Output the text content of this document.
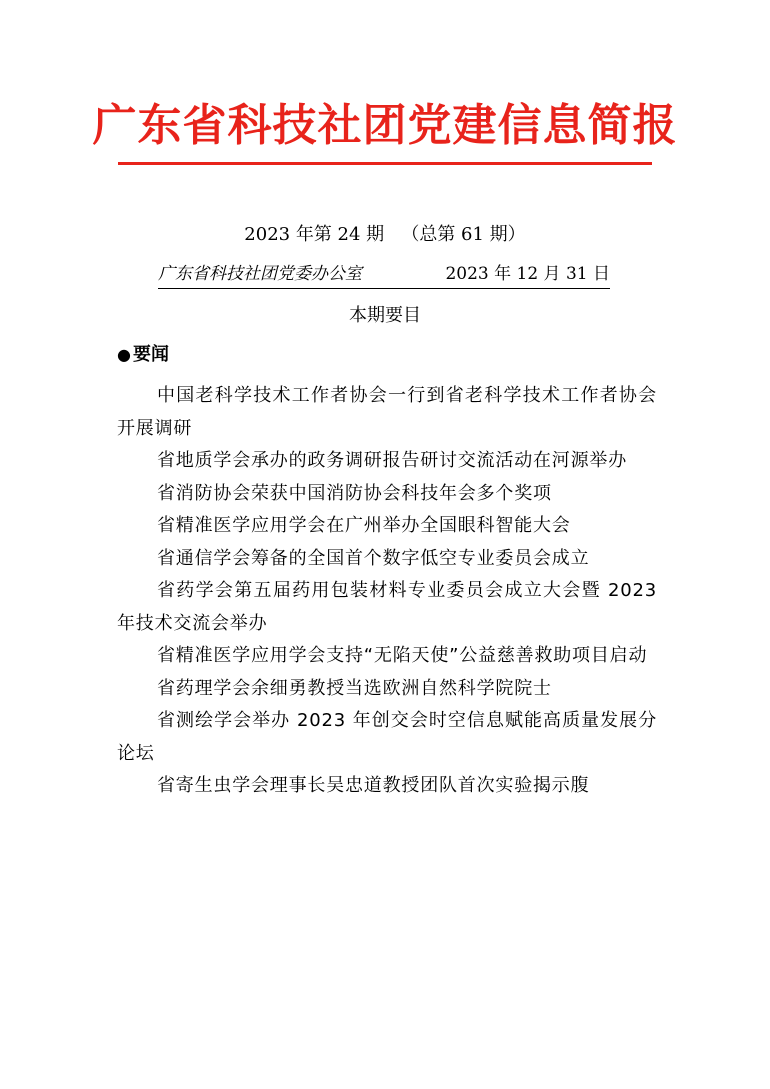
广东省科技社团党建信息简报
2023 年第 24 期   （总第 61 期）
广东省科技社团党委办公室	2023 年 12 月 31 日
本期要目
● 要闻
中国老科学技术工作者协会一行到省老科学技术工作者协会开展调研
省地质学会承办的政务调研报告研讨交流活动在河源举办
省消防协会荣获中国消防协会科技年会多个奖项
省精准医学应用学会在广州举办全国眼科智能大会
省通信学会筹备的全国首个数字低空专业委员会成立
省药学会第五届药用包装材料专业委员会成立大会暨 2023 年技术交流会举办
省精准医学应用学会支持“无陷天使”公益慈善救助项目启动
省药理学会余细勇教授当选欧洲自然科学院院士
省测绘学会举办 2023 年创交会时空信息赋能高质量发展分论坛
省寄生虫学会理事长吴忠道教授团队首次实验揭示腹
